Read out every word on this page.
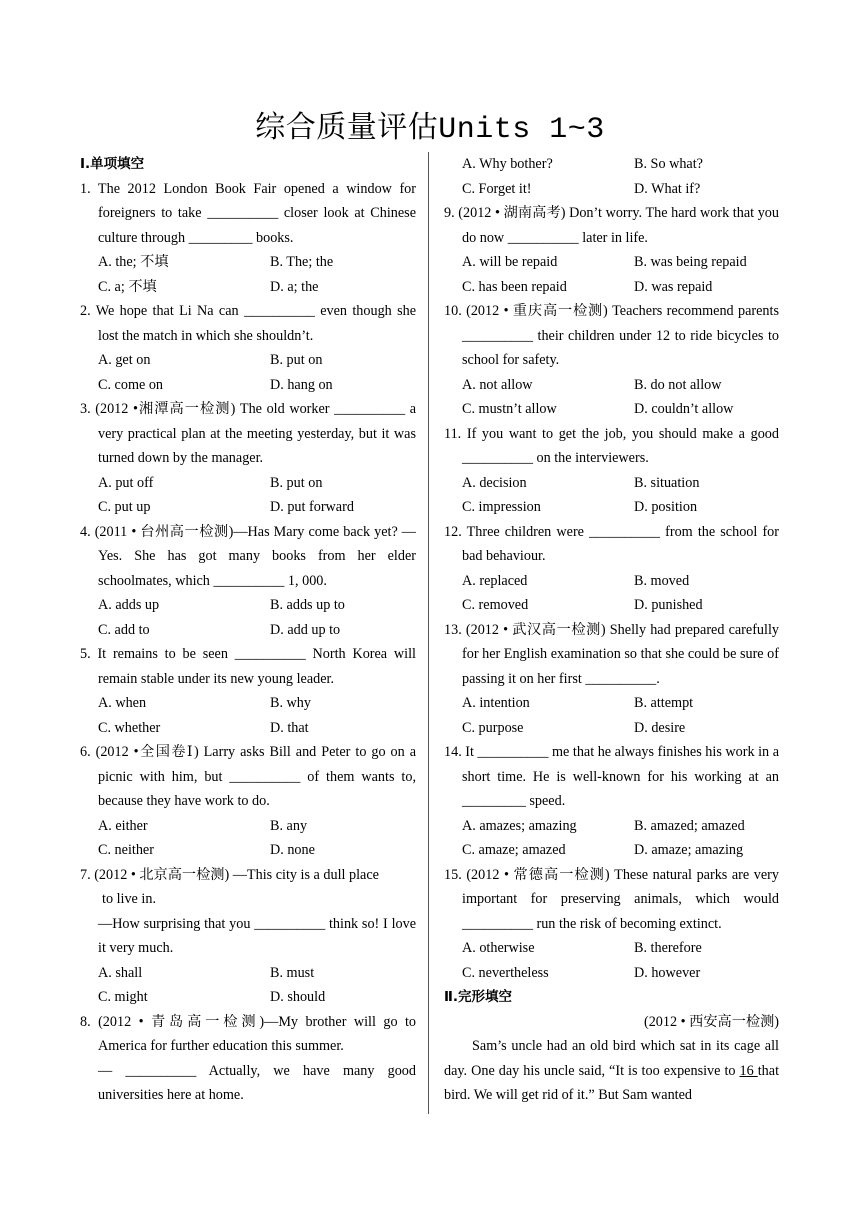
综合质量评估Units 1~3
Ⅰ.单项填空
1. The 2012 London Book Fair opened a window for foreigners to take __________ closer look at Chinese culture through _________ books.
A. the; 不填	B. The; the
C. a; 不填	D. a; the
2. We hope that Li Na can __________ even though she lost the match in which she shouldn’t.
A. get on	B. put on
C. come on	D. hang on
3. (2012 •湘潭高一检测) The old worker __________ a very practical plan at the meeting yesterday, but it was turned down by the manager.
A. put off	B. put on
C. put up	D. put forward
4. (2011 • 台州高一检测)—Has Mary come back yet? — Yes. She has got many books from her elder schoolmates, which __________ 1, 000.
A. adds up	B. adds up to
C. add to	D. add up to
5. It remains to be seen __________ North Korea will remain stable under its new young leader.
A. when	B. why
C. whether	D. that
6. (2012 •全国卷Ⅰ) Larry asks Bill and Peter to go on a picnic with him, but __________ of them wants to, because they have work to do.
A. either	B. any
C. neither	D. none
7. (2012 • 北京高一检测) —This city is a dull place
to live in.
—How surprising that you __________ think so! I love it very much.
A. shall	B. must
C. might	D. should
8. (2012 • 青岛高一检测)—My brother will go to America for further education this summer.
— __________ Actually, we have many good universities here at home.
A. Why bother?	B. So what?
C. Forget it!	D. What if?
9. (2012 • 湖南高考) Don’t worry. The hard work that you do now __________ later in life.
A. will be repaid	B. was being repaid
C. has been repaid	D. was repaid
10. (2012 • 重庆高一检测) Teachers recommend parents __________ their children under 12 to ride bicycles to school for safety.
A. not allow	B. do not allow
C. mustn’t allow	D. couldn’t allow
11. If you want to get the job, you should make a good __________ on the interviewers.
A. decision	B. situation
C. impression	D. position
12. Three children were __________ from the school for bad behaviour.
A. replaced	B. moved
C. removed	D. punished
13. (2012 • 武汉高一检测) Shelly had prepared carefully for her English examination so that she could be sure of passing it on her first __________.
A. intention	B. attempt
C. purpose	D. desire
14. It __________ me that he always finishes his work in a short time. He is well-known for his working at an _________ speed.
A. amazes; amazing	B. amazed; amazed
C. amaze; amazed	D. amaze; amazing
15. (2012 • 常德高一检测) These natural parks are very important for preserving animals, which would __________ run the risk of becoming extinct.
A. otherwise	B. therefore
C. nevertheless	D. however
Ⅱ.完形填空
(2012 • 西安高一检测)
Sam’s uncle had an old bird which sat in its cage all day. One day his uncle said, “It is too expensive to 16 that bird. We will get rid of it.” But Sam wanted
